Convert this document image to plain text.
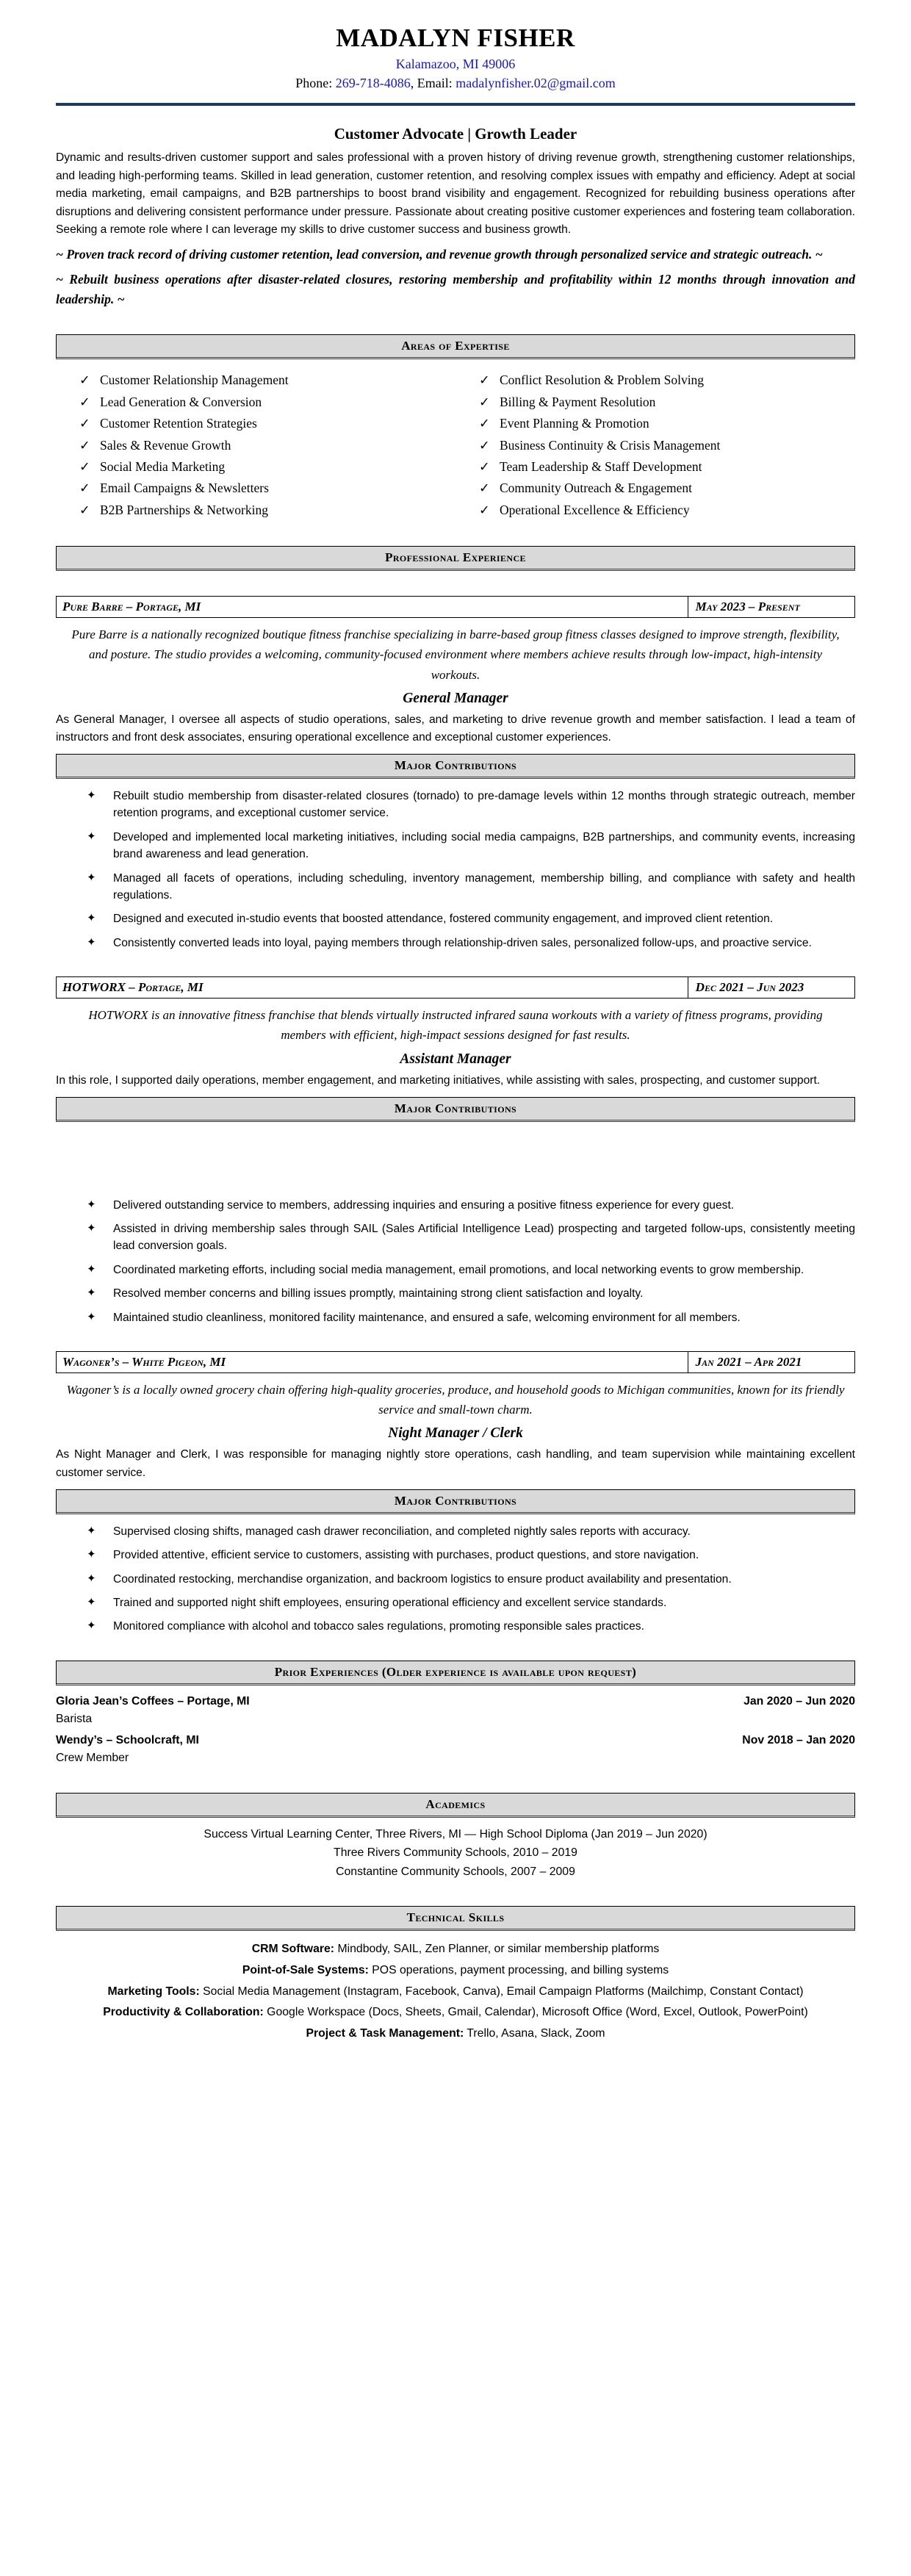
MADALYN FISHER
Kalamazoo, MI 49006
Phone: 269-718-4086, Email: madalynfisher.02@gmail.com
Customer Advocate | Growth Leader

Dynamic and results-driven customer support and sales professional with a proven history of driving revenue growth, strengthening customer relationships, and leading high-performing teams. Skilled in lead generation, customer retention, and resolving complex issues with empathy and efficiency. Adept at social media marketing, email campaigns, and B2B partnerships to boost brand visibility and engagement. Recognized for rebuilding business operations after disruptions and delivering consistent performance under pressure. Passionate about creating positive customer experiences and fostering team collaboration. Seeking a remote role where I can leverage my skills to drive customer success and business growth.

~ Proven track record of driving customer retention, lead conversion, and revenue growth through personalized service and strategic outreach. ~

~ Rebuilt business operations after disaster-related closures, restoring membership and profitability within 12 months through innovation and leadership. ~

Areas of Expertise
✓ Customer Relationship Management
✓ Lead Generation & Conversion
✓ Customer Retention Strategies
✓ Sales & Revenue Growth
✓ Social Media Marketing
✓ Email Campaigns & Newsletters
✓ B2B Partnerships & Networking
✓ Conflict Resolution & Problem Solving
✓ Billing & Payment Resolution
✓ Event Planning & Promotion
✓ Business Continuity & Crisis Management
✓ Team Leadership & Staff Development
✓ Community Outreach & Engagement
✓ Operational Excellence & Efficiency
Professional Experience
Pure Barre – Portage, MI	May 2023 – Present

Pure Barre is a nationally recognized boutique fitness franchise specializing in barre-based group fitness classes designed to improve strength, flexibility, and posture. The studio provides a welcoming, community-focused environment where members achieve results through low-impact, high-intensity workouts.

General Manager

As General Manager, I oversee all aspects of studio operations, sales, and marketing to drive revenue growth and member satisfaction. I lead a team of instructors and front desk associates, ensuring operational excellence and exceptional customer experiences.

Major Contributions
✦ Rebuilt studio membership from disaster-related closures (tornado) to pre-damage levels within 12 months through strategic outreach, member retention programs, and exceptional customer service.
✦ Developed and implemented local marketing initiatives, including social media campaigns, B2B partnerships, and community events, increasing brand awareness and lead generation.
✦ Managed all facets of operations, including scheduling, inventory management, membership billing, and compliance with safety and health regulations.
✦ Designed and executed in-studio events that boosted attendance, fostered community engagement, and improved client retention.
✦ Consistently converted leads into loyal, paying members through relationship-driven sales, personalized follow-ups, and proactive service.
HOTWORX – Portage, MI	Dec 2021 – Jun 2023

HOTWORX is an innovative fitness franchise that blends virtually instructed infrared sauna workouts with a variety of fitness programs, providing members with efficient, high-impact sessions designed for fast results.

Assistant Manager

In this role, I supported daily operations, member engagement, and marketing initiatives, while assisting with sales, prospecting, and customer support.

Major Contributions
✦ Delivered outstanding service to members, addressing inquiries and ensuring a positive fitness experience for every guest.
✦ Assisted in driving membership sales through SAIL (Sales Artificial Intelligence Lead) prospecting and targeted follow-ups, consistently meeting lead conversion goals.
✦ Coordinated marketing efforts, including social media management, email promotions, and local networking events to grow membership.
✦ Resolved member concerns and billing issues promptly, maintaining strong client satisfaction and loyalty.
✦ Maintained studio cleanliness, monitored facility maintenance, and ensured a safe, welcoming environment for all members.
Wagoner’s – White Pigeon, MI	Jan 2021 – Apr 2021

Wagoner’s is a locally owned grocery chain offering high-quality groceries, produce, and household goods to Michigan communities, known for its friendly service and small-town charm.

Night Manager / Clerk

As Night Manager and Clerk, I was responsible for managing nightly store operations, cash handling, and team supervision while maintaining excellent customer service.

Major Contributions
✦ Supervised closing shifts, managed cash drawer reconciliation, and completed nightly sales reports with accuracy.
✦ Provided attentive, efficient service to customers, assisting with purchases, product questions, and store navigation.
✦ Coordinated restocking, merchandise organization, and backroom logistics to ensure product availability and presentation.
✦ Trained and supported night shift employees, ensuring operational efficiency and excellent service standards.
✦ Monitored compliance with alcohol and tobacco sales regulations, promoting responsible sales practices.
Prior Experiences (Older experience is available upon request)
Gloria Jean’s Coffees – Portage, MI	Jan 2020 – Jun 2020
Barista
Wendy’s – Schoolcraft, MI	Nov 2018 – Jan 2020
Crew Member
Academics
Success Virtual Learning Center, Three Rivers, MI — High School Diploma (Jan 2019 – Jun 2020)
Three Rivers Community Schools, 2010 – 2019
Constantine Community Schools, 2007 – 2009
Technical Skills

CRM Software: Mindbody, SAIL, Zen Planner, or similar membership platforms

Point-of-Sale Systems: POS operations, payment processing, and billing systems

Marketing Tools: Social Media Management (Instagram, Facebook, Canva), Email Campaign Platforms (Mailchimp, Constant Contact)

Productivity & Collaboration: Google Workspace (Docs, Sheets, Gmail, Calendar), Microsoft Office (Word, Excel, Outlook, PowerPoint)

Project & Task Management: Trello, Asana, Slack, Zoom
